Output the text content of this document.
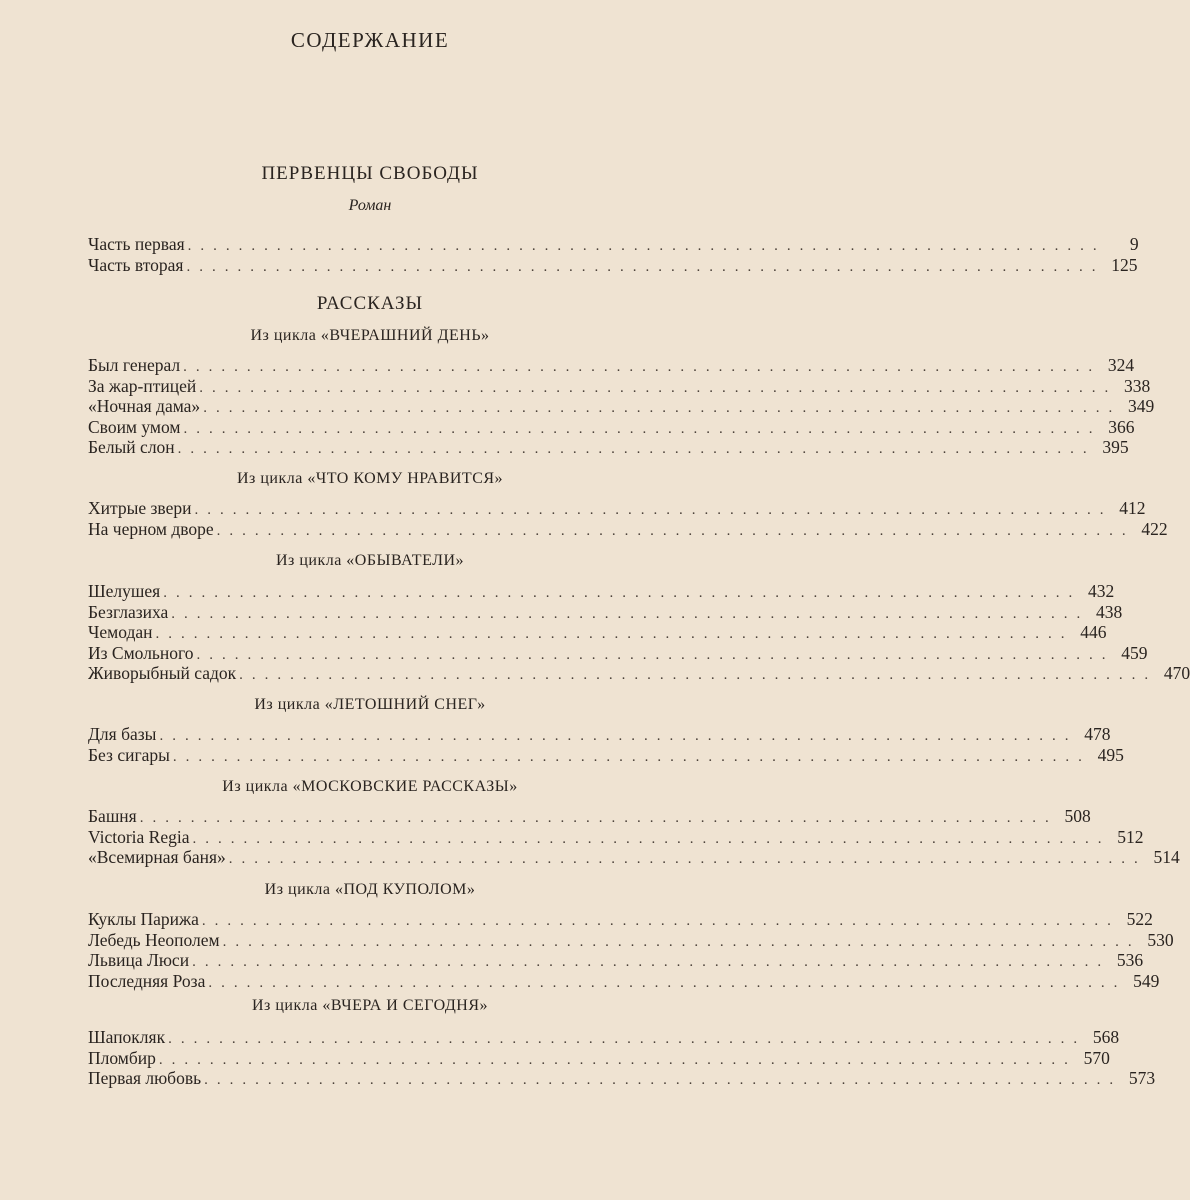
СОДЕРЖАНИЕ
ПЕРВЕНЦЫ СВОБОДЫ
Роман
Часть первая ........................................................................	9
Часть вторая ........................................................................ 125
РАССКАЗЫ
Из цикла «ВЧЕРАШНИЙ ДЕНЬ»
Был генерал ........................................................................ 324
За жар-птицей ........................................................................ 338
«Ночная дама» ........................................................................ 349
Своим умом ........................................................................ 366
Белый слон ........................................................................ 395
Из цикла «ЧТО КОМУ НРАВИТСЯ»
Хитрые звери ........................................................................ 412
На черном дворе ........................................................................ 422
Из цикла «ОБЫВАТЕЛИ»
Шелушея ........................................................................ 432
Безглазиха ........................................................................ 438
Чемодан ........................................................................ 446
Из Смольного ........................................................................ 459
Живорыбный садок ........................................................................ 470
Из цикла «ЛЕТОШНИЙ СНЕГ»
Для базы ........................................................................ 478
Без сигары ........................................................................ 495
Из цикла «МОСКОВСКИЕ РАССКАЗЫ»
Башня ........................................................................ 508
Victoria Regia ........................................................................ 512
«Всемирная баня» ........................................................................ 514
Из цикла «ПОД КУПОЛОМ»
Куклы Парижа ........................................................................ 522
Лебедь Неополем ........................................................................ 530
Львица Люси ........................................................................ 536
Последняя Роза ........................................................................ 549
Из цикла «ВЧЕРА И СЕГОДНЯ»
Шапокляк ........................................................................ 568
Пломбир ........................................................................ 570
Первая любовь ........................................................................ 573
